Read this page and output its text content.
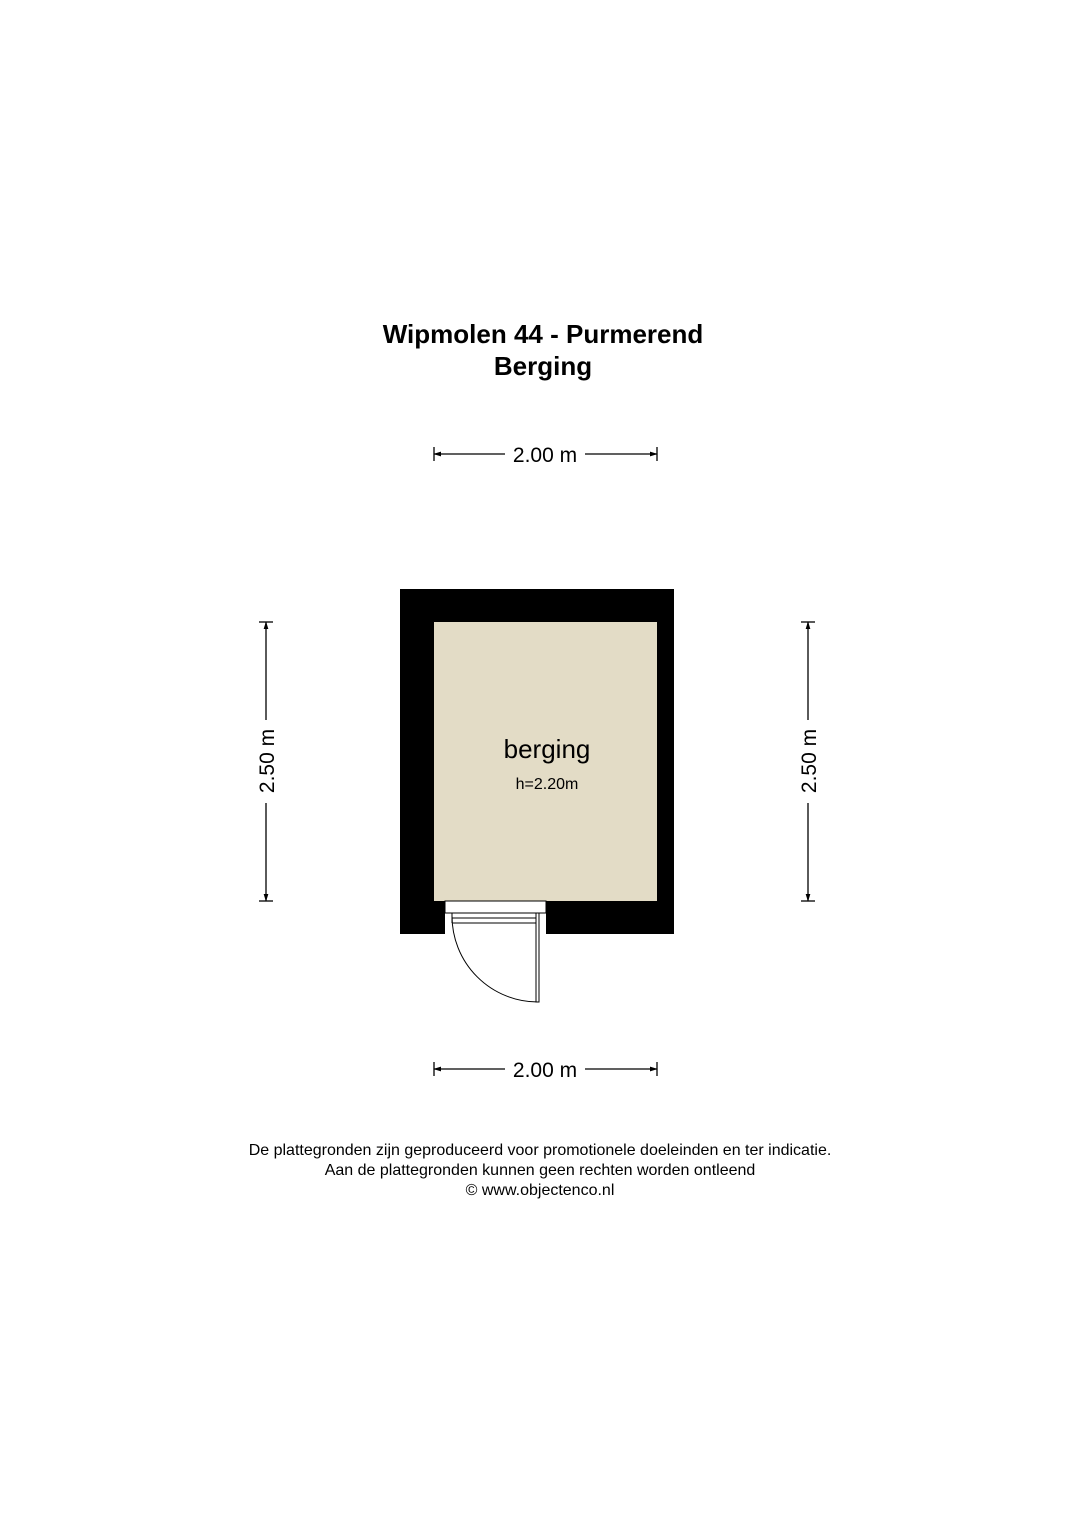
Wipmolen 44 - Purmerend
Berging
2.00 m
2.00 m
2.50 m	2.50 m
berging
h=2.20m
De plattegronden zijn geproduceerd voor promotionele doeleinden en ter indicatie.
Aan de plattegronden kunnen geen rechten worden ontleend
© www.objectenco.nl
